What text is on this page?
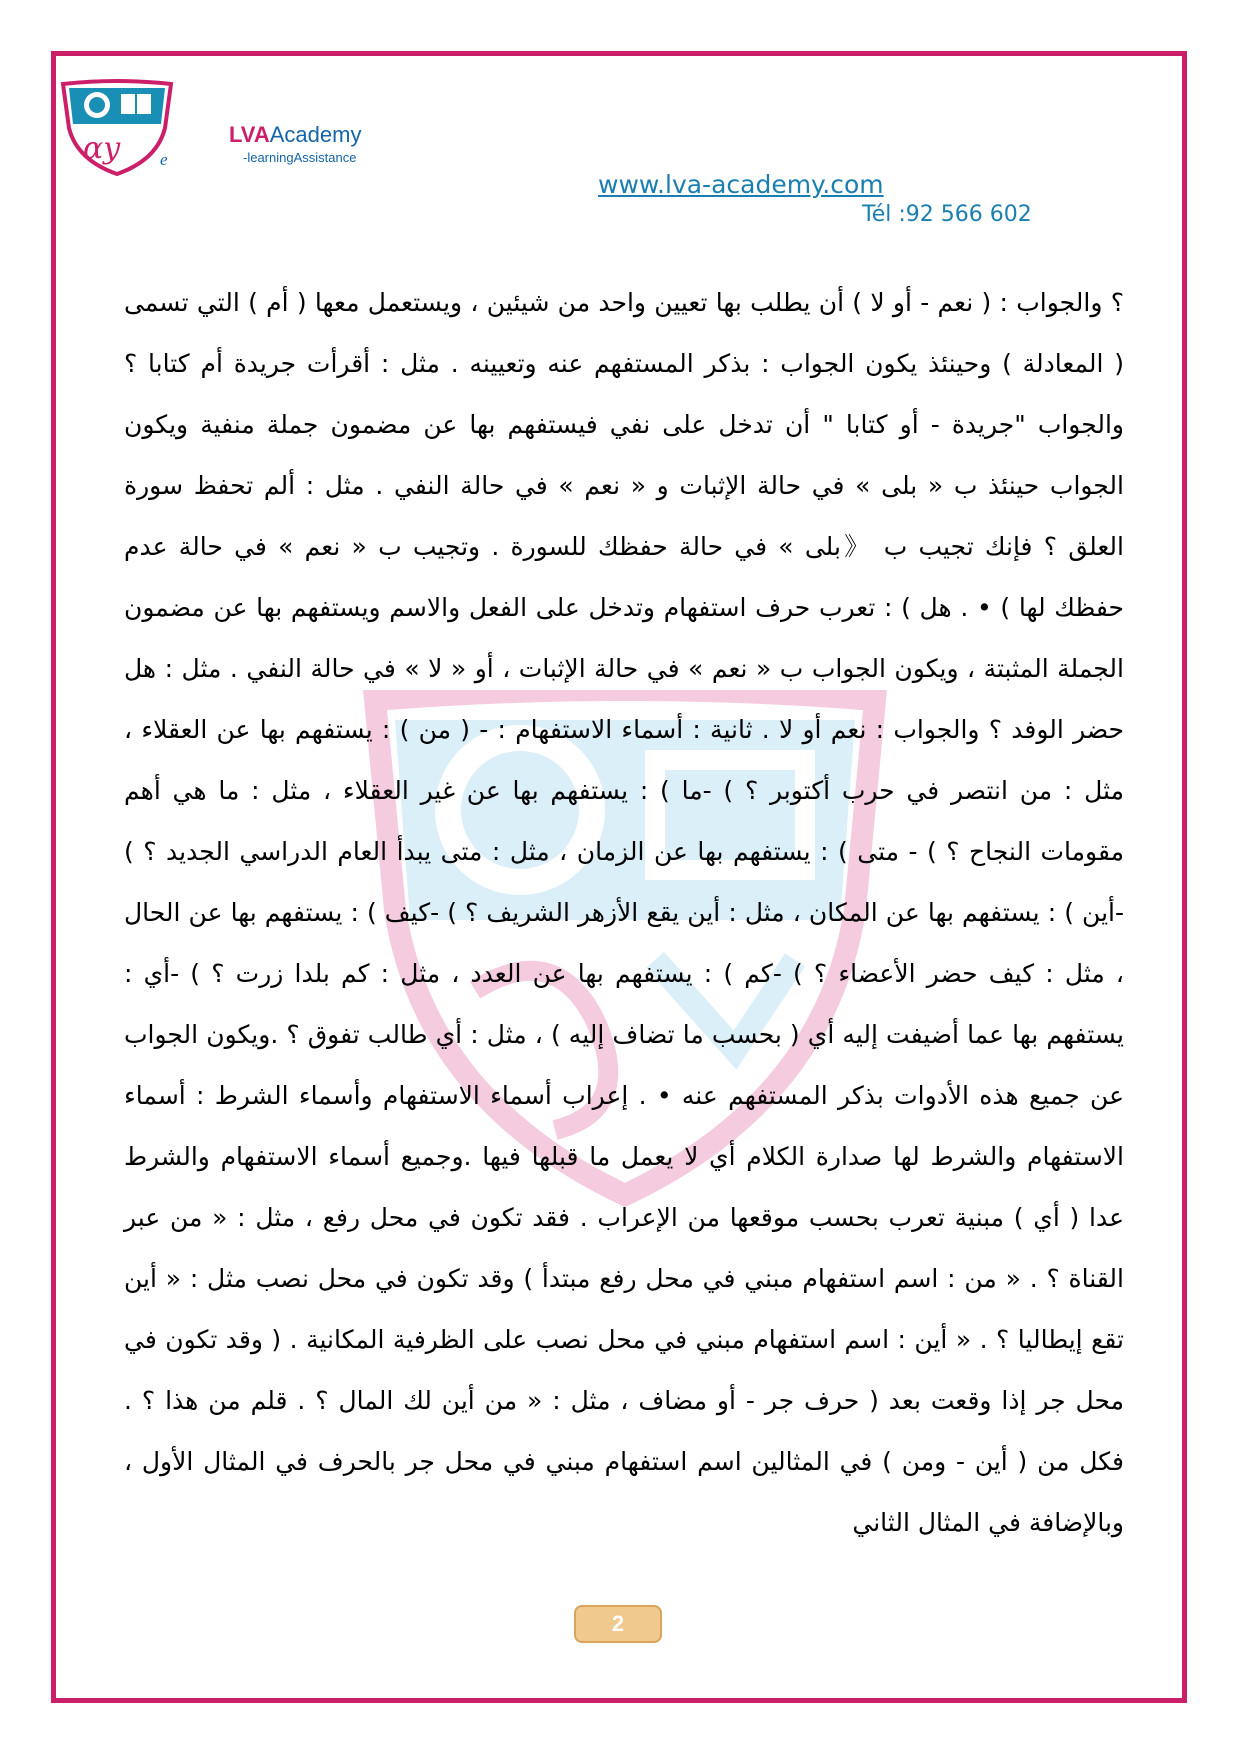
αy e
LVAAcademy
-learningAssistance
www.lva-academy.com
Tél :92 566 602

؟ والجواب : ( نعم - أو لا ) أن يطلب بها تعيين واحد من شيئين ، ويستعمل معها ( أم ) التي تسمى ( المعادلة ) وحينئذ يكون الجواب : بذكر المستفهم عنه وتعيينه . مثل : أقرأت جريدة أم كتابا ؟ والجواب "جريدة - أو كتابا " أن تدخل على نفي فيستفهم بها عن مضمون جملة منفية ويكون الجواب حينئذ ب « بلى » في حالة الإثبات و « نعم » في حالة النفي . مثل : ألم تحفظ سورة العلق ؟ فإنك تجيب ب 《بلى » في حالة حفظك للسورة . وتجيب ب « نعم » في حالة عدم حفظك لها ) • . هل ) : تعرب حرف استفهام وتدخل على الفعل والاسم ويستفهم بها عن مضمون الجملة المثبتة ، ويكون الجواب ب « نعم » في حالة الإثبات ، أو « لا » في حالة النفي . مثل : هل حضر الوفد ؟ والجواب : نعم أو لا . ثانية : أسماء الاستفهام : - ( من ) : يستفهم بها عن العقلاء ، مثل : من انتصر في حرب أكتوبر ؟ ) -ما ) : يستفهم بها عن غير العقلاء ، مثل : ما هي أهم مقومات النجاح ؟ ) - متى ) : يستفهم بها عن الزمان ، مثل : متى يبدأ العام الدراسي الجديد ؟ ) -أين ) : يستفهم بها عن المكان ، مثل : أين يقع الأزهر الشريف ؟ ) -كيف ) : يستفهم بها عن الحال ، مثل : كيف حضر الأعضاء ؟ ) -كم ) : يستفهم بها عن العدد ، مثل : كم بلدا زرت ؟ ) -أي : يستفهم بها عما أضيفت إليه أي ( بحسب ما تضاف إليه ) ، مثل : أي طالب تفوق ؟ .ويكون الجواب عن جميع هذه الأدوات بذكر المستفهم عنه • . إعراب أسماء الاستفهام وأسماء الشرط : أسماء الاستفهام والشرط لها صدارة الكلام أي لا يعمل ما قبلها فيها .وجميع أسماء الاستفهام والشرط عدا ( أي ) مبنية تعرب بحسب موقعها من الإعراب . فقد تكون في محل رفع ، مثل : « من عبر القناة ؟ . « من : اسم استفهام مبني في محل رفع مبتدأ ) وقد تكون في محل نصب مثل : « أين تقع إيطاليا ؟ . « أين : اسم استفهام مبني في محل نصب على الظرفية المكانية . ( وقد تكون في محل جر إذا وقعت بعد ( حرف جر - أو مضاف ، مثل : « من أين لك المال ؟ . قلم من هذا ؟ . فكل من ( أين - ومن ) في المثالين اسم استفهام مبني في محل جر بالحرف في المثال الأول ، وبالإضافة في المثال الثاني

2
